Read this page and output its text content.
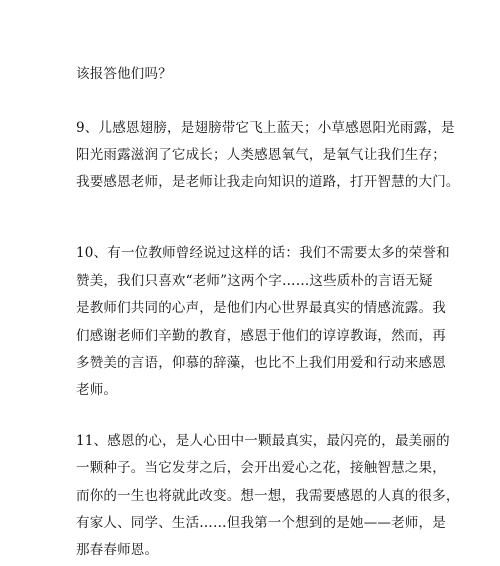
该报答他们吗？
9、儿感恩翅膀，是翅膀带它飞上蓝天；小草感恩阳光雨露，是
阳光雨露滋润了它成长；人类感恩氧气，是氧气让我们生存；
我要感恩老师，是老师让我走向知识的道路，打开智慧的大门。
10、有一位教师曾经说过这样的话：我们不需要太多的荣誉和
赞美，我们只喜欢“老师”这两个字……这些质朴的言语无疑
是教师们共同的心声，是他们内心世界最真实的情感流露。我
们感谢老师们辛勤的教育，感恩于他们的谆谆教诲，然而，再
多赞美的言语，仰慕的辞藻，也比不上我们用爱和行动来感恩
老师。
11、感恩的心，是人心田中一颗最真实，最闪亮的，最美丽的
一颗种子。当它发芽之后，会开出爱心之花，接触智慧之果，
而你的一生也将就此改变。想一想，我需要感恩的人真的很多，
有家人、同学、生活……但我第一个想到的是她——老师，是
那春春师恩。
